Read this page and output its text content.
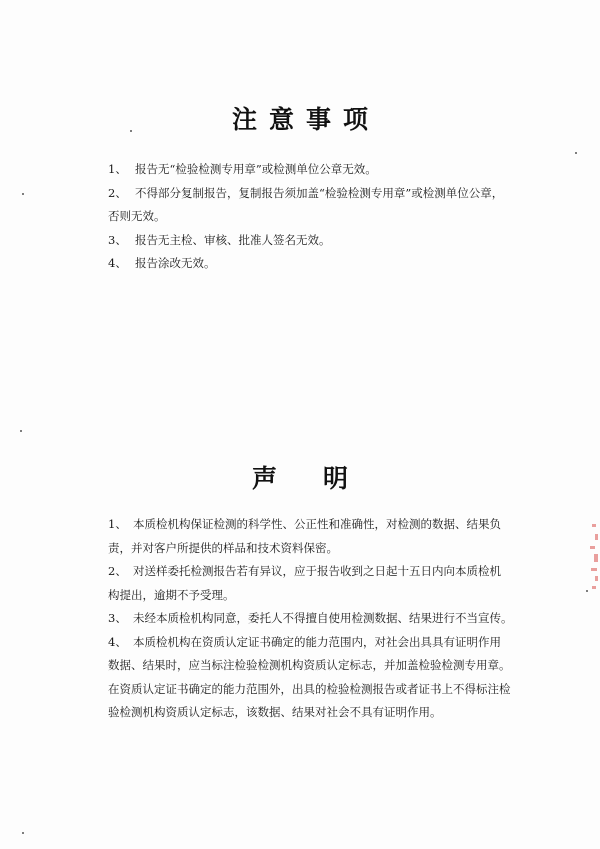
注意事项
1、 报告无“检验检测专用章”或检测单位公章无效。
2、 不得部分复制报告，复制报告须加盖“检验检测专用章”或检测单位公章，
否则无效。
3、 报告无主检、审核、批准人签名无效。
4、 报告涂改无效。
声 明
1、 本质检机构保证检测的科学性、公正性和准确性，对检测的数据、结果负
责，并对客户所提供的样品和技术资料保密。
2、 对送样委托检测报告若有异议，应于报告收到之日起十五日内向本质检机
构提出，逾期不予受理。
3、 未经本质检机构同意，委托人不得擅自使用检测数据、结果进行不当宣传。
4、 本质检机构在资质认定证书确定的能力范围内，对社会出具具有证明作用
数据、结果时，应当标注检验检测机构资质认定标志，并加盖检验检测专用章。
在资质认定证书确定的能力范围外，出具的检验检测报告或者证书上不得标注检
验检测机构资质认定标志，该数据、结果对社会不具有证明作用。
